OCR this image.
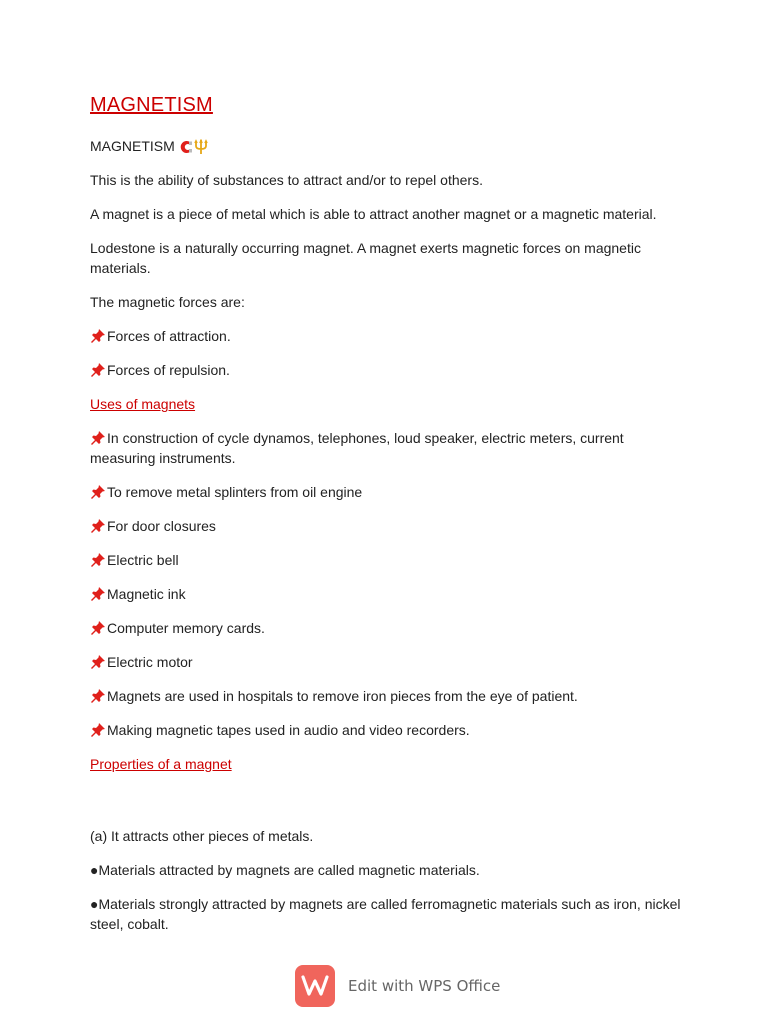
MAGNETISM
MAGNETISM
This is the ability of substances to attract and/or to repel others.
A magnet is a piece of metal which is able to attract another magnet or a magnetic material.
Lodestone is a naturally occurring magnet. A magnet exerts magnetic forces on magnetic materials.
The magnetic forces are:
Forces of attraction.
Forces of repulsion.
Uses of magnets
In construction of cycle dynamos, telephones, loud speaker, electric meters, current measuring instruments.
To remove metal splinters from oil engine
For door closures
Electric bell
Magnetic ink
Computer memory cards.
Electric motor
Magnets are used in hospitals to remove iron pieces from the eye of patient.
Making magnetic tapes used in audio and video recorders.
Properties of a magnet
(a) It attracts other pieces of metals.
●Materials attracted by magnets are called magnetic materials.
●Materials strongly attracted by magnets are called ferromagnetic materials such as iron, nickel steel, cobalt.
Edit with WPS Office
